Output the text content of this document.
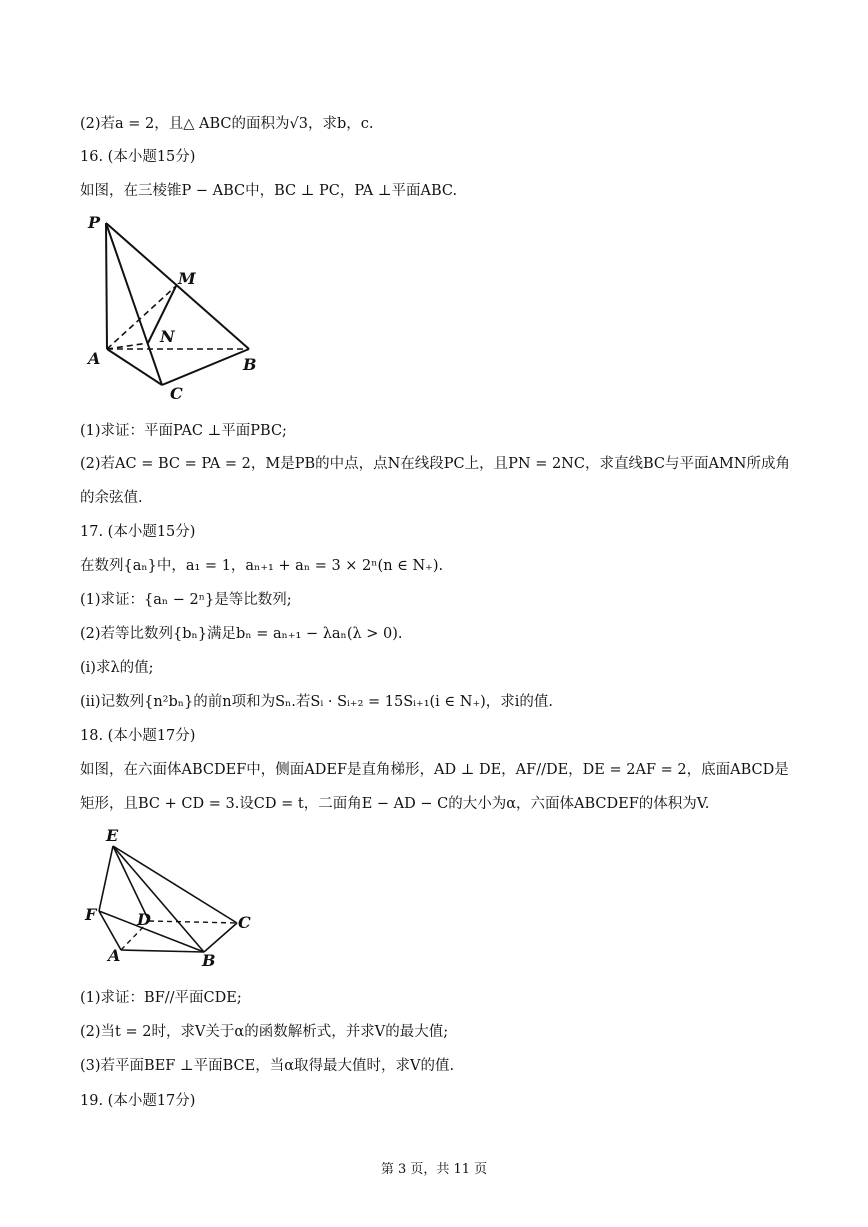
(2)若a = 2，且△ ABC的面积为√3，求b，c.
16. (本小题15分)
如图，在三棱锥P − ABC中，BC ⊥ PC，PA ⊥平面ABC.
P
M
N
A	B
C
(1)求证：平面PAC ⊥平面PBC;
(2)若AC = BC = PA = 2，M是PB的中点，点N在线段PC上，且PN = 2NC，求直线BC与平面AMN所成角
的余弦值.
17. (本小题15分)
在数列{aₙ}中，a₁ = 1，aₙ₊₁ + aₙ = 3 × 2ⁿ(n ∈ N₊).
(1)求证：{aₙ − 2ⁿ}是等比数列;
(2)若等比数列{bₙ}满足bₙ = aₙ₊₁ − λaₙ(λ > 0).
(i)求λ的值;
(ii)记数列{n²bₙ}的前n项和为Sₙ.若Sᵢ · Sᵢ₊₂ = 15Sᵢ₊₁(i ∈ N₊)，求i的值.
18. (本小题17分)
如图，在六面体ABCDEF中，侧面ADEF是直角梯形，AD ⊥ DE，AF//DE，DE = 2AF = 2，底面ABCD是
矩形，且BC + CD = 3.设CD = t，二面角E − AD − C的大小为α，六面体ABCDEF的体积为V.
E
F	D	C
A	B
(1)求证：BF//平面CDE;
(2)当t = 2时，求V关于α的函数解析式，并求V的最大值;
(3)若平面BEF ⊥平面BCE，当α取得最大值时，求V的值.
19. (本小题17分)
第 3 页，共 11 页
